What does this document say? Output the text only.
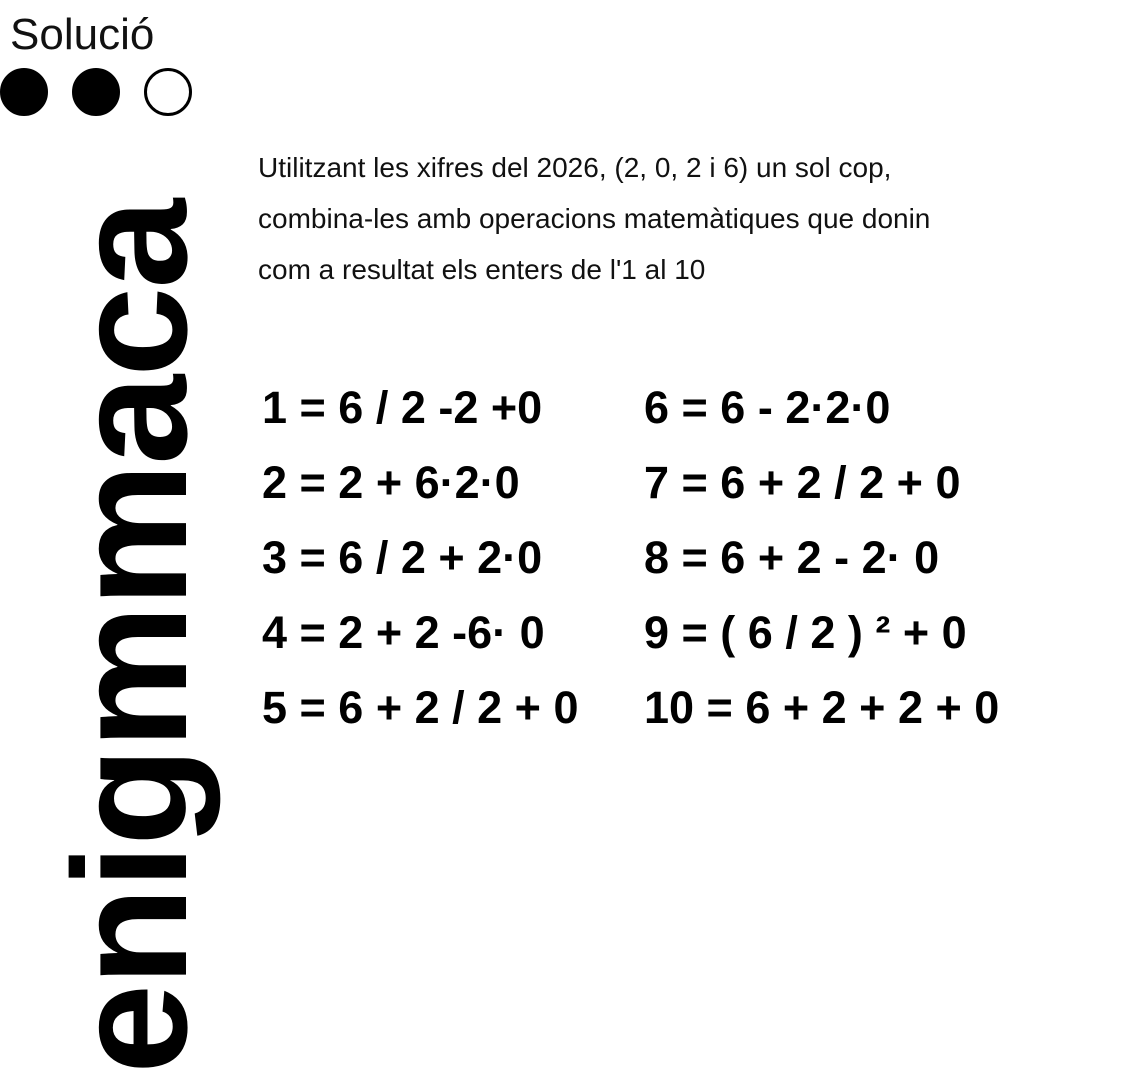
Solució
enigmmaca
Utilitzant les xifres del 2026, (2, 0, 2 i 6) un sol cop,
combina-les amb operacions matemàtiques que donin
com a resultat els enters de l'1 al 10
1 = 6 / 2 -2 +0
2 = 2 + 6·2·0
3 = 6 / 2 + 2·0
4 = 2 + 2 -6· 0
5 = 6 + 2 / 2 + 0
6 = 6 - 2·2·0
7 = 6 + 2 / 2 + 0
8 = 6 + 2 - 2· 0
9 = ( 6 / 2 ) ² + 0
10 = 6 + 2 + 2 + 0
